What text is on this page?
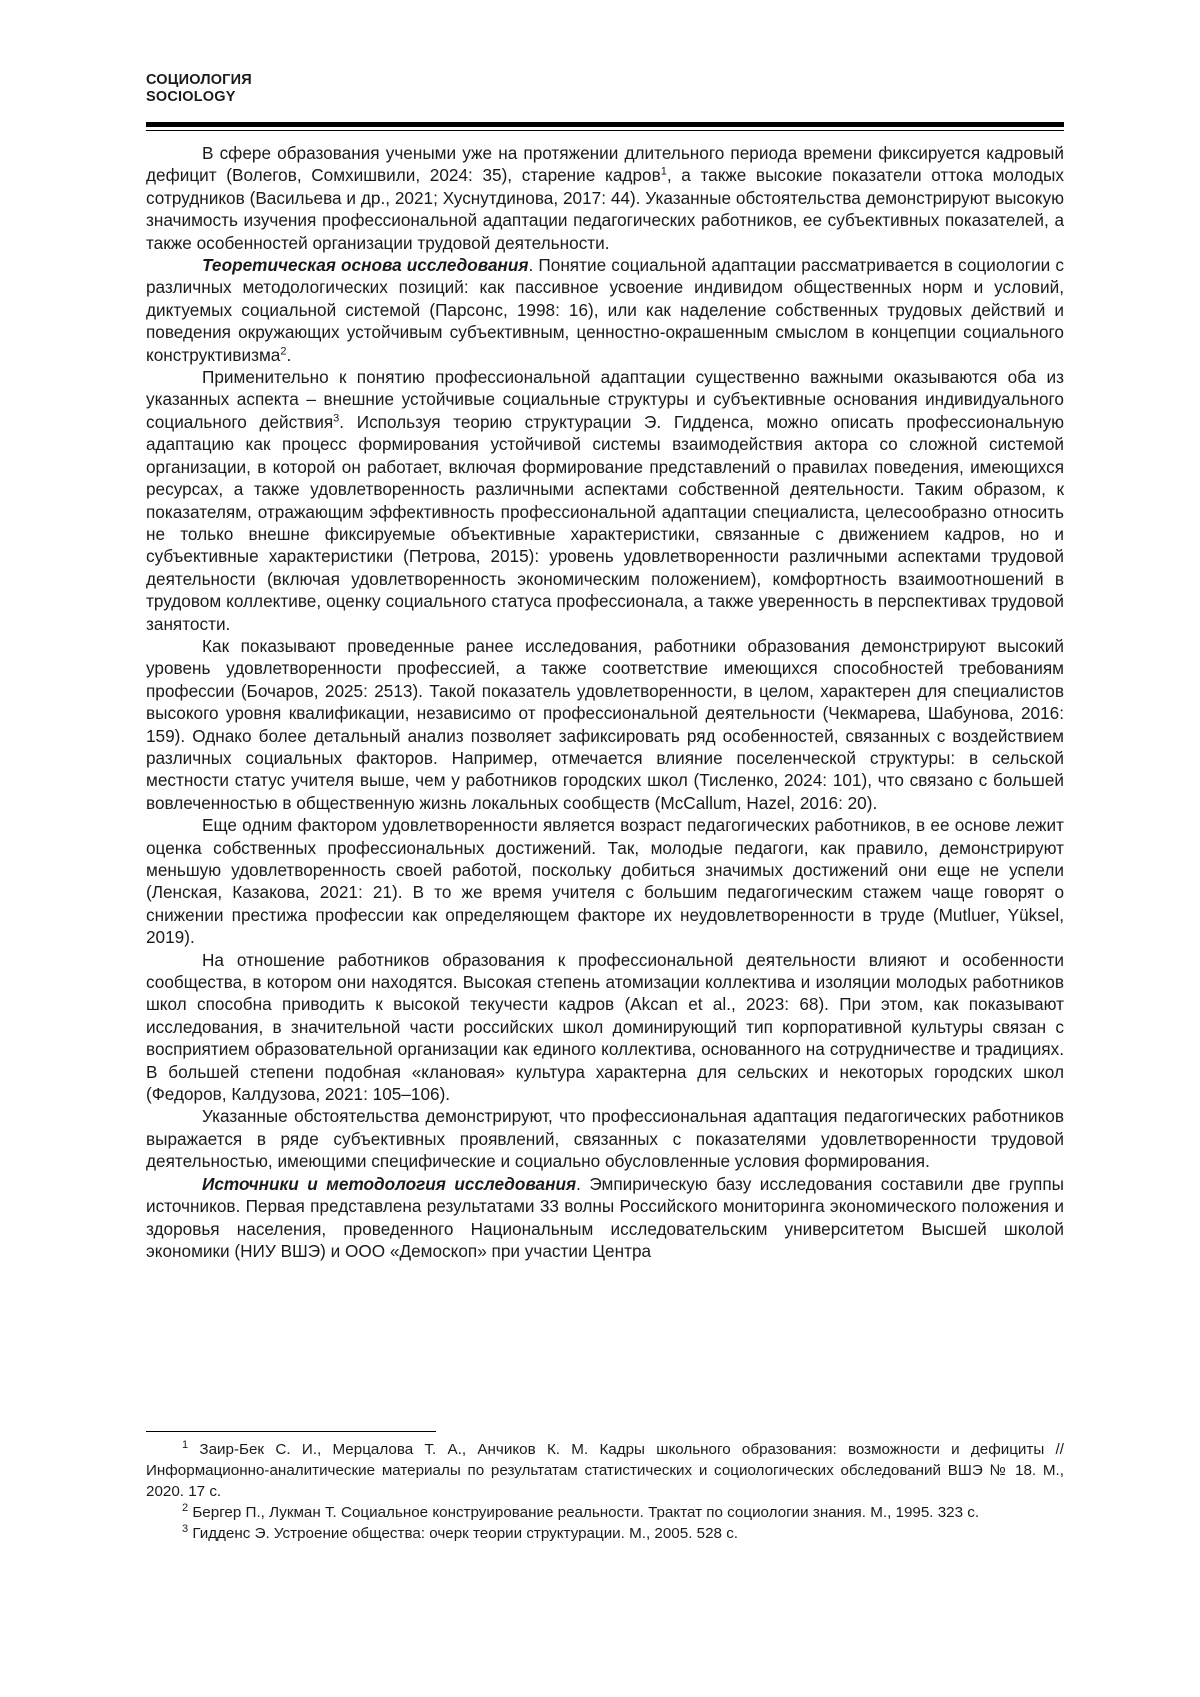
СОЦИОЛОГИЯ
SOCIOLOGY

В сфере образования учеными уже на протяжении длительного периода времени фиксируется кадровый дефицит (Волегов, Сомхишвили, 2024: 35), старение кадров$^1$, а также высокие показатели оттока молодых сотрудников (Васильева и др., 2021; Хуснутдинова, 2017: 44). Указанные обстоятельства демонстрируют высокую значимость изучения профессиональной адаптации педагогических работников, ее субъективных показателей, а также особенностей организации трудовой деятельности.

Теоретическая основа исследования. Понятие социальной адаптации рассматривается в социологии с различных методологических позиций: как пассивное усвоение индивидом общественных норм и условий, диктуемых социальной системой (Парсонс, 1998: 16), или как наделение собственных трудовых действий и поведения окружающих устойчивым субъективным, ценностно-окрашенным смыслом в концепции социального конструктивизма$^2$.

Применительно к понятию профессиональной адаптации существенно важными оказываются оба из указанных аспекта – внешние устойчивые социальные структуры и субъективные основания индивидуального социального действия$^3$. Используя теорию структурации Э. Гидденса, можно описать профессиональную адаптацию как процесс формирования устойчивой системы взаимодействия актора со сложной системой организации, в которой он работает, включая формирование представлений о правилах поведения, имеющихся ресурсах, а также удовлетворенность различными аспектами собственной деятельности. Таким образом, к показателям, отражающим эффективность профессиональной адаптации специалиста, целесообразно относить не только внешне фиксируемые объективные характеристики, связанные с движением кадров, но и субъективные характеристики (Петрова, 2015): уровень удовлетворенности различными аспектами трудовой деятельности (включая удовлетворенность экономическим положением), комфортность взаимоотношений в трудовом коллективе, оценку социального статуса профессионала, а также уверенность в перспективах трудовой занятости.

Как показывают проведенные ранее исследования, работники образования демонстрируют высокий уровень удовлетворенности профессией, а также соответствие имеющихся способностей требованиям профессии (Бочаров, 2025: 2513). Такой показатель удовлетворенности, в целом, характерен для специалистов высокого уровня квалификации, независимо от профессиональной деятельности (Чекмарева, Шабунова, 2016: 159). Однако более детальный анализ позволяет зафиксировать ряд особенностей, связанных с воздействием различных социальных факторов. Например, отмечается влияние поселенческой структуры: в сельской местности статус учителя выше, чем у работников городских школ (Тисленко, 2024: 101), что связано с большей вовлеченностью в общественную жизнь локальных сообществ (McCallum, Hazel, 2016: 20).

Еще одним фактором удовлетворенности является возраст педагогических работников, в ее основе лежит оценка собственных профессиональных достижений. Так, молодые педагоги, как правило, демонстрируют меньшую удовлетворенность своей работой, поскольку добиться значимых достижений они еще не успели (Ленская, Казакова, 2021: 21). В то же время учителя с большим педагогическим стажем чаще говорят о снижении престижа профессии как определяющем факторе их неудовлетворенности в труде (Mutluer, Yüksel, 2019).

На отношение работников образования к профессиональной деятельности влияют и особенности сообщества, в котором они находятся. Высокая степень атомизации коллектива и изоляции молодых работников школ способна приводить к высокой текучести кадров (Akcan et al., 2023: 68). При этом, как показывают исследования, в значительной части российских школ доминирующий тип корпоративной культуры связан с восприятием образовательной организации как единого коллектива, основанного на сотрудничестве и традициях. В большей степени подобная «клановая» культура характерна для сельских и некоторых городских школ (Федоров, Калдузова, 2021: 105–106).

Указанные обстоятельства демонстрируют, что профессиональная адаптация педагогических работников выражается в ряде субъективных проявлений, связанных с показателями удовлетворенности трудовой деятельностью, имеющими специфические и социально обусловленные условия формирования.

Источники и методология исследования. Эмпирическую базу исследования составили две группы источников. Первая представлена результатами 33 волны Российского мониторинга экономического положения и здоровья населения, проведенного Национальным исследовательским университетом Высшей школой экономики (НИУ ВШЭ) и ООО «Демоскоп» при участии Центра

$^1$ Заир-Бек С. И., Мерцалова Т. А., Анчиков К. М. Кадры школьного образования: возможности и дефициты // Информационно-аналитические материалы по результатам статистических и социологических обследований ВШЭ № 18. М., 2020. 17 с.

$^2$ Бергер П., Лукман Т. Социальное конструирование реальности. Трактат по социологии знания. М., 1995. 323 с.

$^3$ Гидденс Э. Устроение общества: очерк теории структурации. М., 2005. 528 с.
